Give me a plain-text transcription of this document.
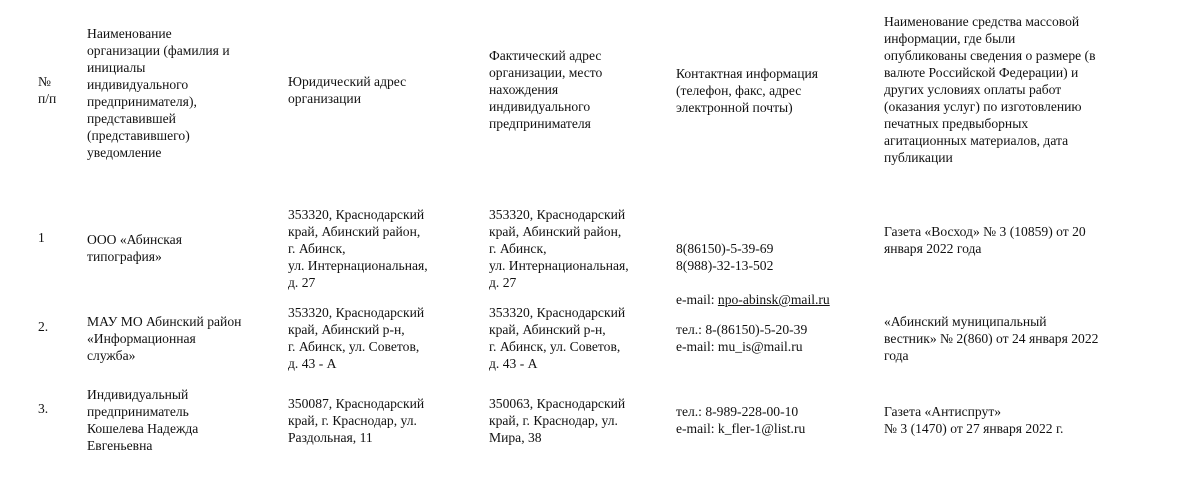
№
п/п
Наименование
организации (фамилия и
инициалы
индивидуального
предпринимателя),
представившей
(представившего)
уведомление
Юридический адрес
организации
Фактический адрес
организации, место
нахождения
индивидуального
предпринимателя
Контактная информация
(телефон, факс, адрес
электронной почты)
Наименование средства массовой
информации, где были
опубликованы сведения о размере (в
валюте Российской Федерации) и
других условиях оплаты работ
(оказания услуг) по изготовлению
печатных предвыборных
агитационных материалов, дата
публикации
1	ООО «Абинская
типография»
353320, Краснодарский
край, Абинский район,
г. Абинск,
ул. Интернациональная,
д. 27
353320, Краснодарский
край, Абинский район,
г. Абинск,
ул. Интернациональная,
д. 27

8(86150)-5-39-69
8(988)-32-13-502

e-mail: npo-abinsk@mail.ru

Газета «Восход» № 3 (10859) от 20
января 2022 года
2.	МАУ МО Абинский район
«Информационная
служба»
353320, Краснодарский
край, Абинский р-н,
г. Абинск, ул. Советов,
д. 43 - А
353320, Краснодарский
край, Абинский р-н,
г. Абинск, ул. Советов,
д. 43 - А
тел.: 8-(86150)-5-20-39
e-mail: mu_is@mail.ru
«Абинский муниципальный
вестник» № 2(860) от 24 января 2022
года
3.
Индивидуальный
предприниматель
Кошелева Надежда
Евгеньевна
350087, Краснодарский
край, г. Краснодар, ул.
Раздольная, 11
350063, Краснодарский
край, г. Краснодар, ул.
Мира, 38
тел.: 8-989-228-00-10
e-mail: k_fler-1@list.ru
Газета «Антиспрут»
№ 3 (1470) от 27 января 2022 г.
